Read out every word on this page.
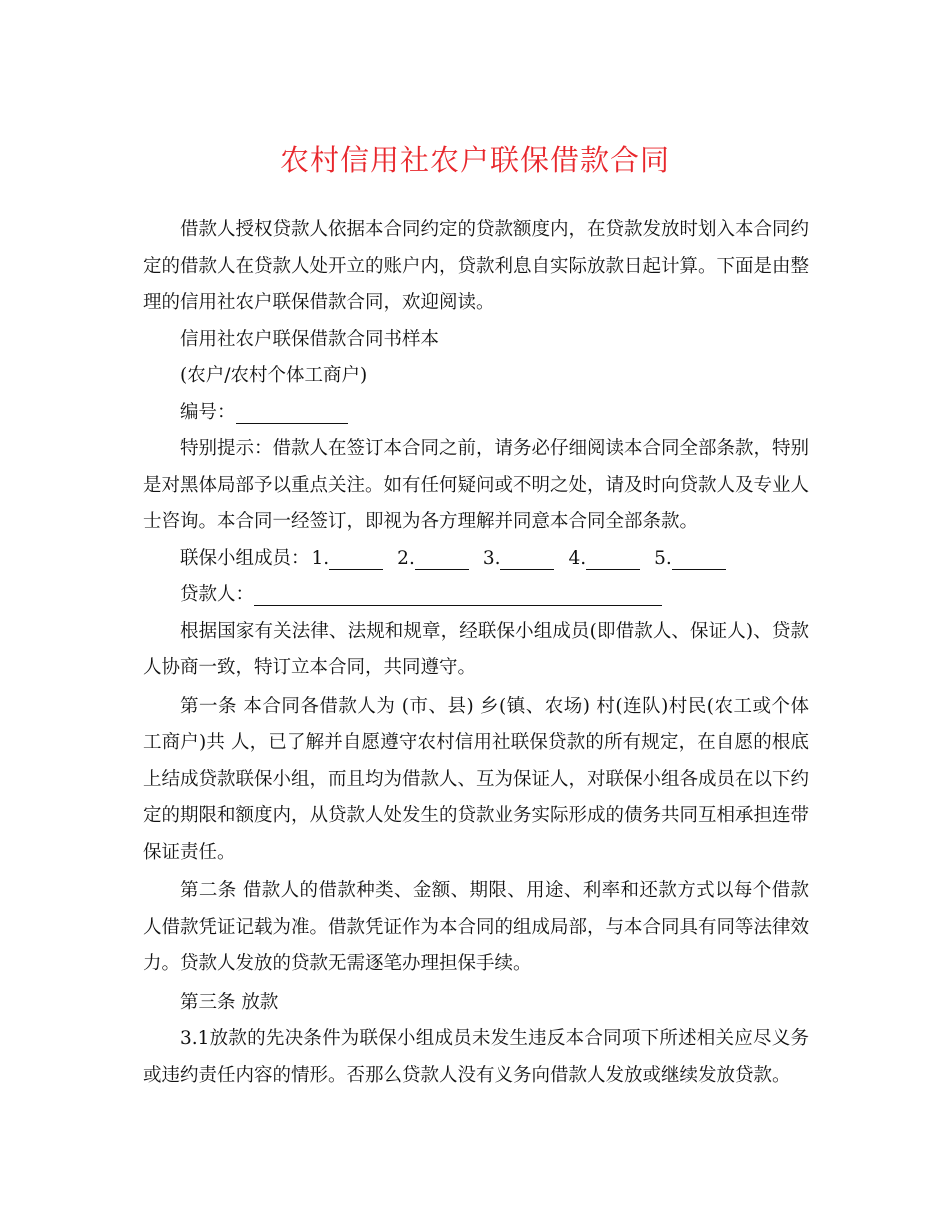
农村信用社农户联保借款合同

借款人授权贷款人依据本合同约定的贷款额度内，在贷款发放时划入本合同约定的借款人在贷款人处开立的账户内，贷款利息自实际放款日起计算。下面是由整理的信用社农户联保借款合同，欢迎阅读。

信用社农户联保借款合同书样本

(农户/农村个体工商户)

编号：

特别提示：借款人在签订本合同之前，请务必仔细阅读本合同全部条款，特别是对黑体局部予以重点关注。如有任何疑问或不明之处，请及时向贷款人及专业人士咨询。本合同一经签订，即视为各方理解并同意本合同全部条款。

联保小组成员： 1.	2.	3.	4.	5.

贷款人：

根据国家有关法律、法规和规章，经联保小组成员(即借款人、保证人)、贷款人协商一致，特订立本合同，共同遵守。

第一条 本合同各借款人为 (市、县) 乡(镇、农场) 村(连队)村民(农工或个体工商户)共 人，已了解并自愿遵守农村信用社联保贷款的所有规定，在自愿的根底上结成贷款联保小组，而且均为借款人、互为保证人，对联保小组各成员在以下约定的期限和额度内，从贷款人处发生的贷款业务实际形成的债务共同互相承担连带保证责任。

第二条 借款人的借款种类、金额、期限、用途、利率和还款方式以每个借款人借款凭证记载为准。借款凭证作为本合同的组成局部，与本合同具有同等法律效力。贷款人发放的贷款无需逐笔办理担保手续。

第三条 放款

3.1放款的先决条件为联保小组成员未发生违反本合同项下所述相关应尽义务或违约责任内容的情形。否那么贷款人没有义务向借款人发放或继续发放贷款。
